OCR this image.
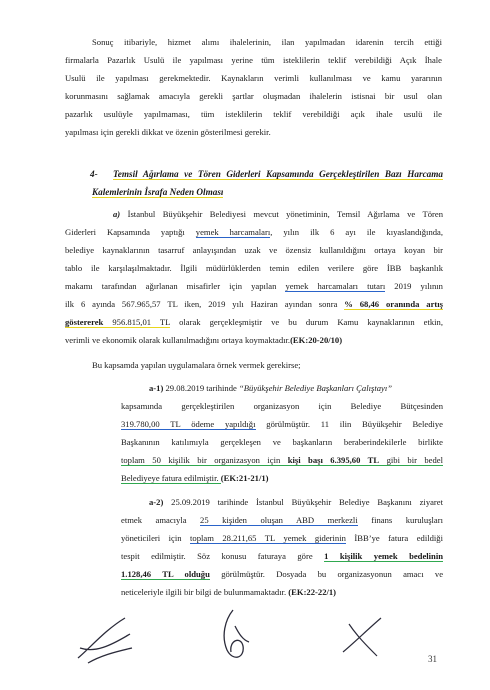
Sonuç itibariyle, hizmet alımı ihalelerinin, ilan yapılmadan idarenin tercih ettiği
firmalarla Pazarlık Usulü ile yapılması yerine tüm isteklilerin teklif verebildiği Açık İhale
Usulü ile yapılması gerekmektedir. Kaynakların verimli kullanılması ve kamu yararının
korunmasını sağlamak amacıyla gerekli şartlar oluşmadan ihalelerin istisnai bir usul olan
pazarlık usulüyle yapılmaması, tüm isteklilerin teklif verebildiği açık ihale usulü ile
yapılması için gerekli dikkat ve özenin gösterilmesi gerekir.
4- Temsil Ağırlama ve Tören Giderleri Kapsamında Gerçekleştirilen Bazı Harcama
Kalemlerinin İsrafa Neden Olması
a) İstanbul Büyükşehir Belediyesi mevcut yönetiminin, Temsil Ağırlama ve Tören
Giderleri Kapsamında yaptığı yemek harcamaları, yılın ilk 6 ayı ile kıyaslandığında,
belediye kaynaklarının tasarruf anlayışından uzak ve özensiz kullanıldığını ortaya koyan bir
tablo ile karşılaşılmaktadır. İlgili müdürlüklerden temin edilen verilere göre İBB başkanlık
makamı tarafından ağırlanan misafirler için yapılan yemek harcamaları tutarı 2019 yılının
ilk 6 ayında 567.965,57 TL iken, 2019 yılı Haziran ayından sonra % 68,46 oranında artış
göstererek 956.815,01 TL olarak gerçekleşmiştir ve bu durum Kamu kaynaklarının etkin,
verimli ve ekonomik olarak kullanılmadığını ortaya koymaktadır.(EK:20-20/10)
Bu kapsamda yapılan uygulamalara örnek vermek gerekirse;
a-1) 29.08.2019 tarihinde “Büyükşehir Belediye Başkanları Çalıştayı”
kapsamında gerçekleştirilen organizasyon için Belediye Bütçesinden
319.780,00 TL ödeme yapıldığı görülmüştür. 11 ilin Büyükşehir Belediye
Başkanının katılımıyla gerçekleşen ve başkanların beraberindekilerle birlikte
toplam 50 kişilik bir organizasyon için kişi başı 6.395,60 TL gibi bir bedel
Belediyeye fatura edilmiştir. (EK:21-21/1)
a-2) 25.09.2019 tarihinde İstanbul Büyükşehir Belediye Başkanını ziyaret
etmek amacıyla 25 kişiden oluşan ABD merkezli finans kuruluşları
yöneticileri için toplam 28.211,65 TL yemek giderinin İBB’ye fatura edildiği
tespit edilmiştir. Söz konusu faturaya göre 1 kişilik yemek bedelinin
1.128,46 TL olduğu görülmüştür. Dosyada bu organizasyonun amacı ve
neticeleriyle ilgili bir bilgi de bulunmamaktadır. (EK:22-22/1)
31
